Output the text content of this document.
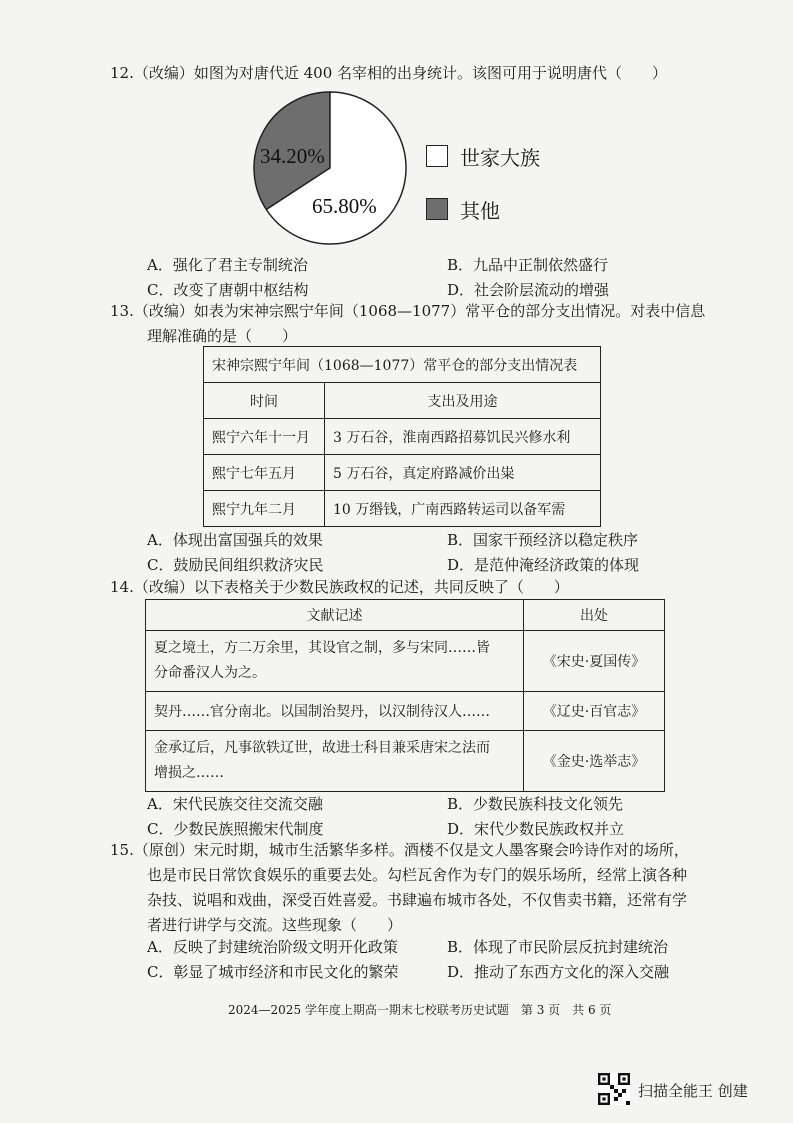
12.（改编）如图为对唐代近 400 名宰相的出身统计。该图可用于说明唐代（　　）
34.20%
65.80%
世家大族
其他
A．强化了君主专制统治	B．九品中正制依然盛行
C．改变了唐朝中枢结构	D．社会阶层流动的增强
13.（改编）如表为宋神宗熙宁年间（1068—1077）常平仓的部分支出情况。对表中信息
理解准确的是（　　）
宋神宗熙宁年间（1068—1077）常平仓的部分支出情况表	
时间	支出及用途
熙宁六年十一月	3 万石谷，淮南西路招募饥民兴修水利
熙宁七年五月	5 万石谷，真定府路减价出粜
熙宁九年二月	10 万缗钱，广南西路转运司以备军需
A．体现出富国强兵的效果	B．国家干预经济以稳定秩序
C．鼓励民间组织救济灾民	D．是范仲淹经济政策的体现
14.（改编）以下表格关于少数民族政权的记述，共同反映了（　　）
文献记述	出处

夏之境土，方二万余里，其设官之制，多与宋同……皆
分命番汉人为之。	《宋史·夏国传》

契丹……官分南北。以国制治契丹，以汉制待汉人……	《辽史·百官志》

金承辽后，凡事欲轶辽世，故进士科目兼采唐宋之法而
增损之……	《金史·选举志》
A．宋代民族交往交流交融	B．少数民族科技文化领先
C．少数民族照搬宋代制度	D．宋代少数民族政权并立
15.（原创）宋元时期，城市生活繁华多样。酒楼不仅是文人墨客聚会吟诗作对的场所，
也是市民日常饮食娱乐的重要去处。勾栏瓦舍作为专门的娱乐场所，经常上演各种
杂技、说唱和戏曲，深受百姓喜爱。书肆遍布城市各处，不仅售卖书籍，还常有学
者进行讲学与交流。这些现象（　　）
A．反映了封建统治阶级文明开化政策	B．体现了市民阶层反抗封建统治
C．彰显了城市经济和市民文化的繁荣	D．推动了东西方文化的深入交融
2024—2025 学年度上期高一期末七校联考历史试题　第 3 页　共 6 页
扫描全能王 创建
